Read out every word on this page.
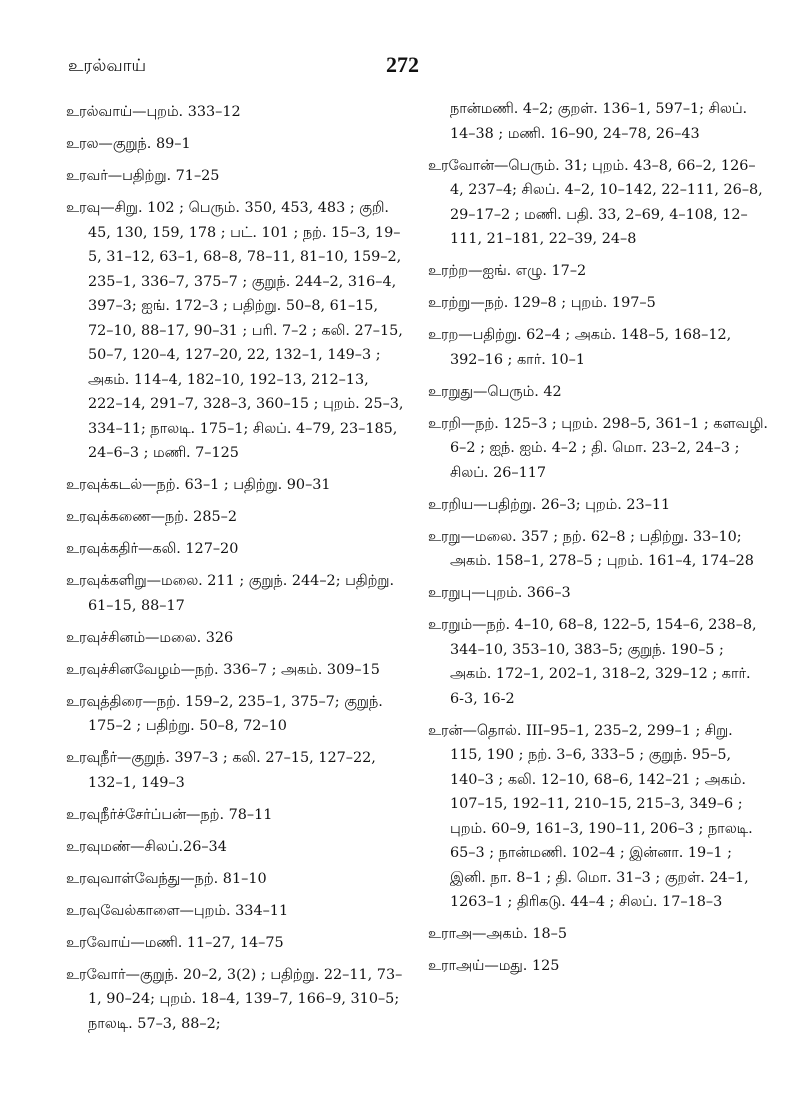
உரல்வாய்	272

உரல்வாய்—புறம். 333–12

உரல—குறுந். 89–1

உரவர்—பதிற்று. 71–25

உரவு—சிறு. 102 ; பெரும். 350, 453, 483 ; குறி. 45, 130, 159, 178 ; பட். 101 ; நற். 15–3, 19–5, 31–12, 63–1, 68–8, 78–11, 81–10, 159–2, 235–1, 336–7, 375–7 ; குறுந். 244–2, 316–4, 397–3; ஐங். 172–3 ; பதிற்று. 50–8, 61–15, 72–10, 88–17, 90–31 ; பரி. 7–2 ; கலி. 27–15, 50–7, 120–4, 127–20, 22, 132–1, 149–3 ; அகம். 114–4, 182–10, 192–13, 212–13, 222–14, 291–7, 328–3, 360–15 ; புறம். 25–3, 334–11; நாலடி. 175–1; சிலப். 4–79, 23–185, 24–6–3 ; மணி. 7–125

உரவுக்கடல்—நற். 63–1 ; பதிற்று. 90–31

உரவுக்கணை—நற். 285–2

உரவுக்கதிர்—கலி. 127–20

உரவுக்களிறு—மலை. 211 ; குறுந். 244–2; பதிற்று. 61–15, 88–17

உரவுச்சினம்—மலை. 326

உரவுச்சினவேழம்—நற். 336–7 ; அகம். 309–15

உரவுத்திரை—நற். 159–2, 235–1, 375–7; குறுந். 175–2 ; பதிற்று. 50–8, 72–10

உரவுநீர்—குறுந். 397–3 ; கலி. 27–15, 127–22, 132–1, 149–3

உரவுநீர்ச்சேர்ப்பன்—நற். 78–11

உரவுமண்—சிலப்.26–34

உரவுவாள்வேந்து—நற். 81–10

உரவுவேல்காளை—புறம். 334–11

உரவோய்—மணி. 11–27, 14–75

உரவோர்—குறுந். 20–2, 3(2) ; பதிற்று. 22–11, 73–1, 90–24; புறம். 18–4, 139–7, 166–9, 310–5; நாலடி. 57–3, 88–2;

நான்மணி. 4–2; குறள். 136–1, 597–1; சிலப். 14–38 ; மணி. 16–90, 24–78, 26–43

உரவோன்—பெரும். 31; புறம். 43–8, 66–2, 126–4, 237–4; சிலப். 4–2, 10–142, 22–111, 26–8, 29–17–2 ; மணி. பதி. 33, 2–69, 4–108, 12–111, 21–181, 22–39, 24–8

உரற்ற—ஐங். எழு. 17–2

உரற்று—நற். 129–8 ; புறம். 197–5

உரற—பதிற்று. 62–4 ; அகம். 148–5, 168–12, 392–16 ; கார். 10–1

உரறுது—பெரும். 42

உரறி—நற். 125–3 ; புறம். 298–5, 361–1 ; களவழி. 6–2 ; ஐந். ஐம். 4–2 ; தி. மொ. 23–2, 24–3 ; சிலப். 26–117

உரறிய—பதிற்று. 26–3; புறம். 23–11

உரறு—மலை. 357 ; நற். 62–8 ; பதிற்று. 33–10; அகம். 158–1, 278–5 ; புறம். 161–4, 174–28

உரறுபு—புறம். 366–3

உரறும்—நற். 4–10, 68–8, 122–5, 154–6, 238–8, 344–10, 353–10, 383–5; குறுந். 190–5 ; அகம். 172–1, 202–1, 318–2, 329–12 ; கார். 6-3, 16-2

உரன்—தொல். III–95–1, 235–2, 299–1 ; சிறு. 115, 190 ; நற். 3–6, 333–5 ; குறுந். 95–5, 140–3 ; கலி. 12–10, 68–6, 142–21 ; அகம். 107–15, 192–11, 210–15, 215–3, 349–6 ; புறம். 60–9, 161–3, 190–11, 206–3 ; நாலடி. 65–3 ; நான்மணி. 102–4 ; இன்னா. 19–1 ; இனி. நா. 8–1 ; தி. மொ. 31–3 ; குறள். 24–1, 1263–1 ; திரிகடு. 44–4 ; சிலப். 17–18–3

உராஅ—அகம். 18–5

உராஅய்—மது. 125
